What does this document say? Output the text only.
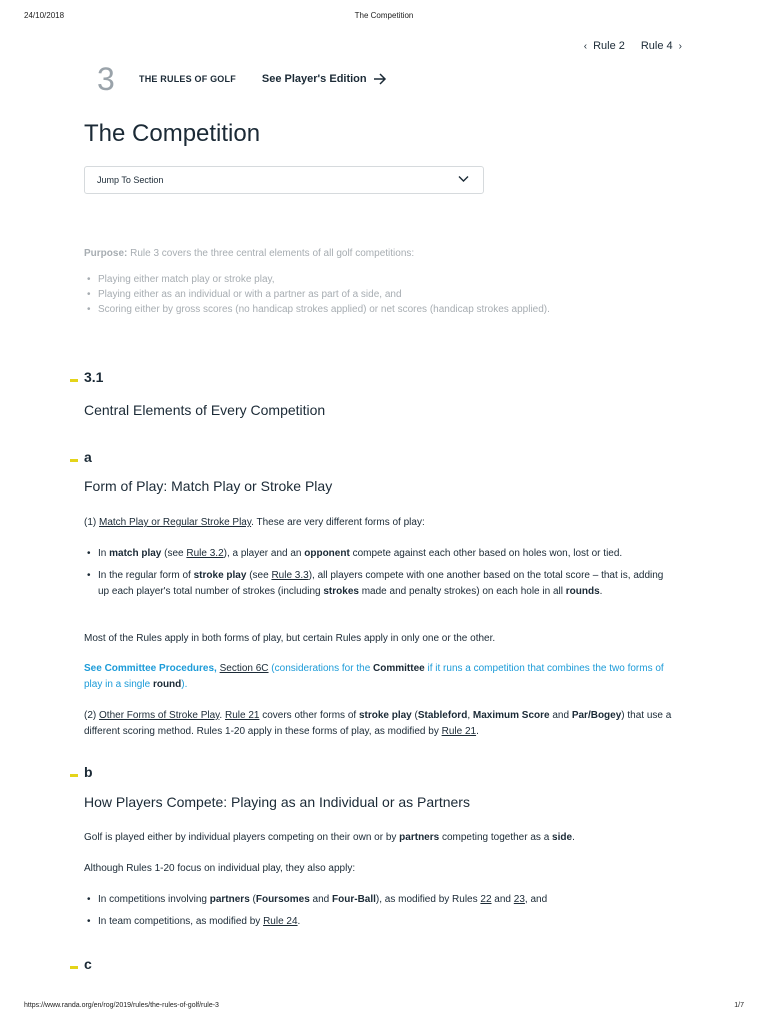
24/10/2018	The Competition
‹ Rule 2 Rule 4 ›
3	THE RULES OF GOLF See Player's Edition
The Competition
Jump To Section

Purpose: Rule 3 covers the three central elements of all golf competitions:

• Playing either match play or stroke play,
• Playing either as an individual or with a partner as part of a side, and
• Scoring either by gross scores (no handicap strokes applied) or net scores (handicap strokes applied).
3.1
Central Elements of Every Competition
a
Form of Play: Match Play or Stroke Play
(1) Match Play or Regular Stroke Play. These are very different forms of play:
• In match play (see Rule 3.2), a player and an opponent compete against each other based on holes won, lost or tied.
• In the regular form of stroke play (see Rule 3.3), all players compete with one another based on the total score – that is, adding up each player's total number of strokes (including strokes made and penalty strokes) on each hole in all rounds.
Most of the Rules apply in both forms of play, but certain Rules apply in only one or the other.
See Committee Procedures, Section 6C (considerations for the Committee if it runs a competition that combines the two forms of play in a single round).
(2) Other Forms of Stroke Play. Rule 21 covers other forms of stroke play (Stableford, Maximum Score and Par/Bogey) that use a different scoring method. Rules 1-20 apply in these forms of play, as modified by Rule 21.
b
How Players Compete: Playing as an Individual or as Partners
Golf is played either by individual players competing on their own or by partners competing together as a side.
Although Rules 1-20 focus on individual play, they also apply:
• In competitions involving partners (Foursomes and Four-Ball), as modified by Rules 22 and 23, and
• In team competitions, as modified by Rule 24.
c
https://www.randa.org/en/rog/2019/rules/the-rules-of-golf/rule-3	1/7
